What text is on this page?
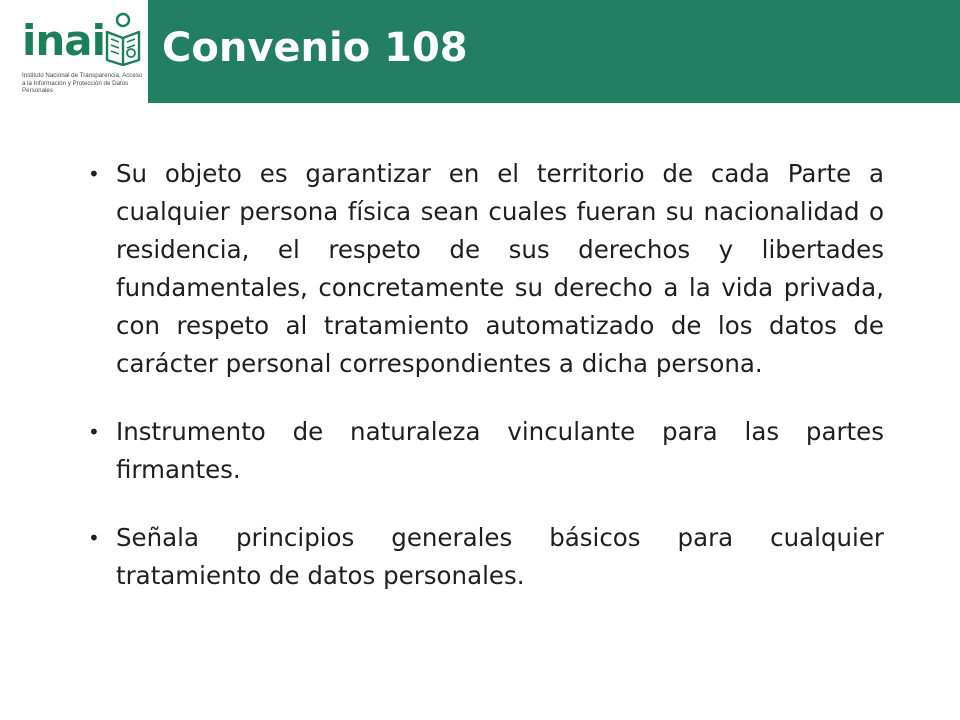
inai
Instituto Nacional de Transparencia, Acceso a la Información y Protección de Datos Personales
Convenio 108
• Su objeto es garantizar en el territorio de cada Parte a cualquier persona física sean cuales fueran su nacionalidad o residencia, el respeto de sus derechos y libertades fundamentales, concretamente su derecho a la vida privada, con respeto al tratamiento automatizado de los datos de carácter personal correspondientes a dicha persona.
• Instrumento de naturaleza vinculante para las partes firmantes.
• Señala principios generales básicos para cualquier tratamiento de datos personales.
